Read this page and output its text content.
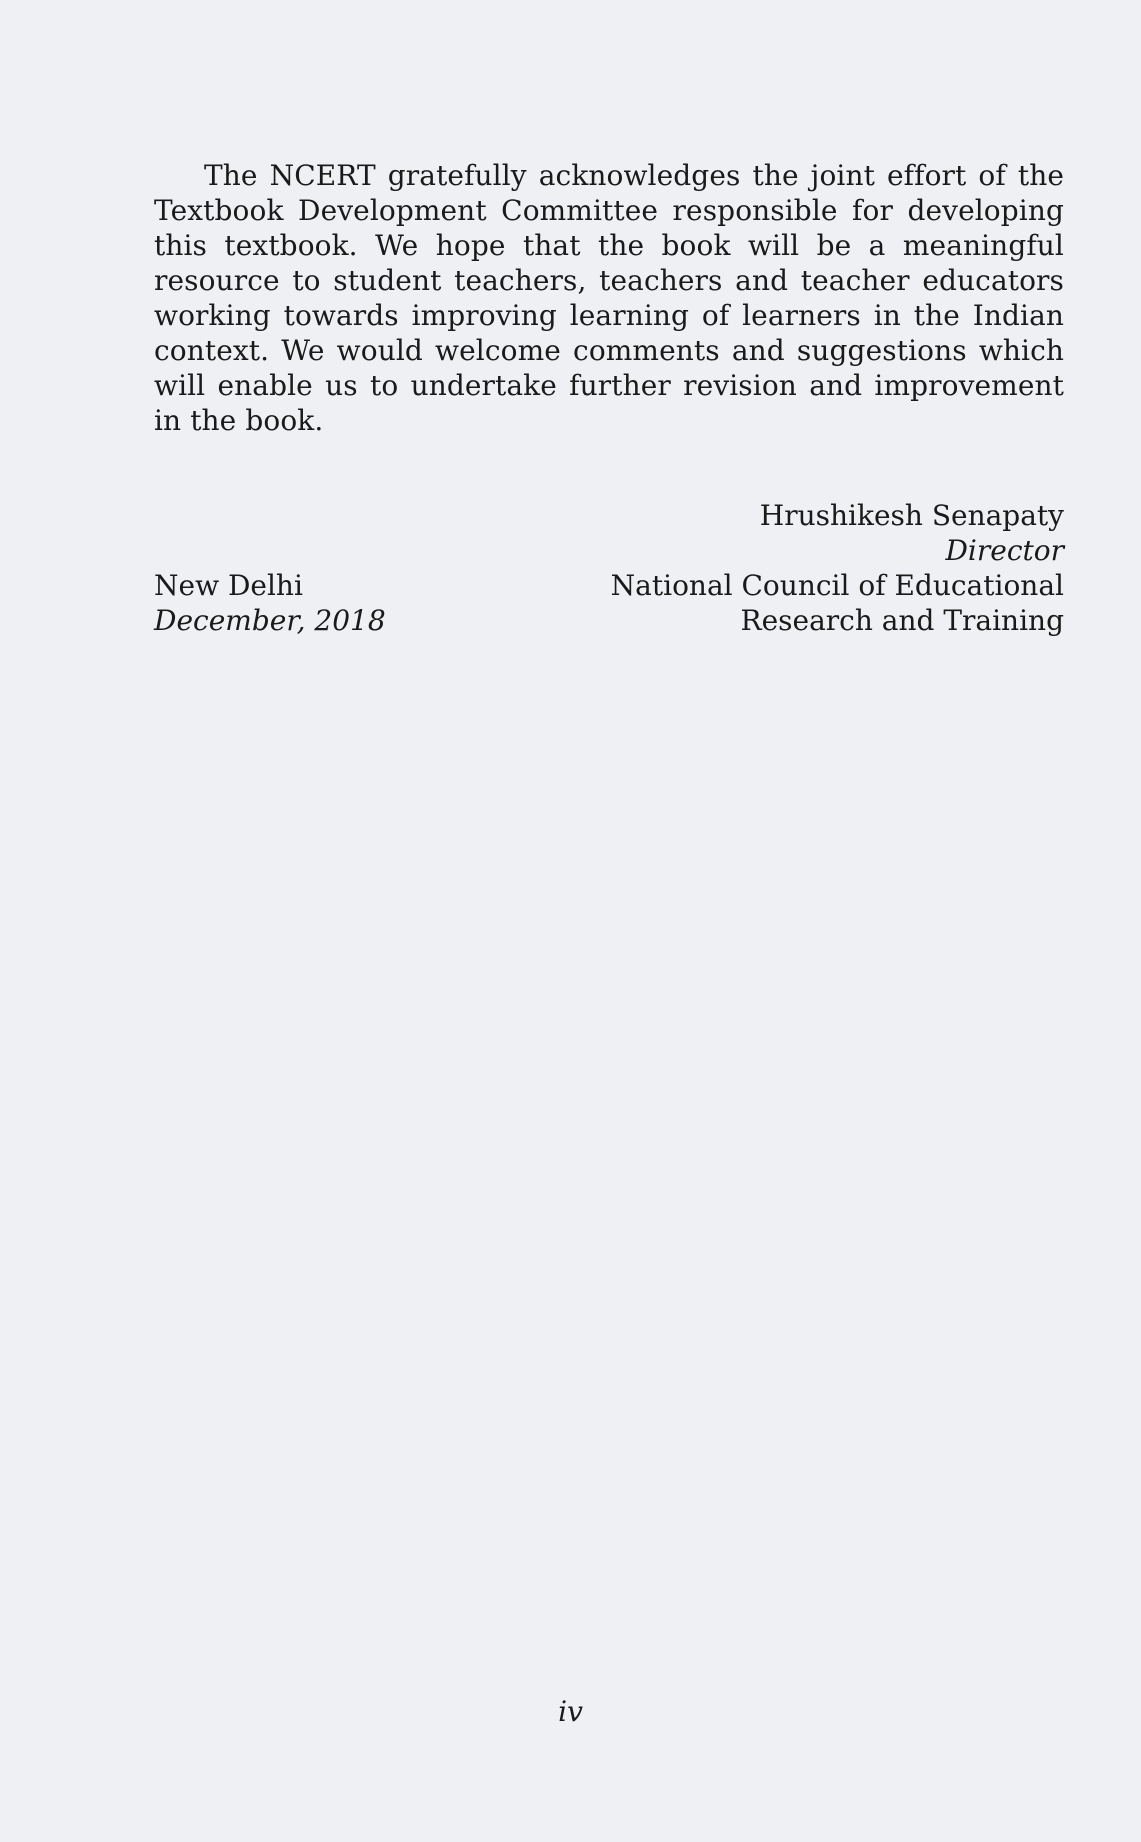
The NCERT gratefully acknowledges the joint effort of the Textbook Development Committee responsible for developing this textbook. We hope that the book will be a meaningful resource to student teachers, teachers and teacher educators working towards improving learning of learners in the Indian context. We would welcome comments and suggestions which will enable us to undertake further revision and improvement in the book.

Hrushikesh Senapaty
Director
New Delhi	National Council of Educational
December, 2018	Research and Training
iv
